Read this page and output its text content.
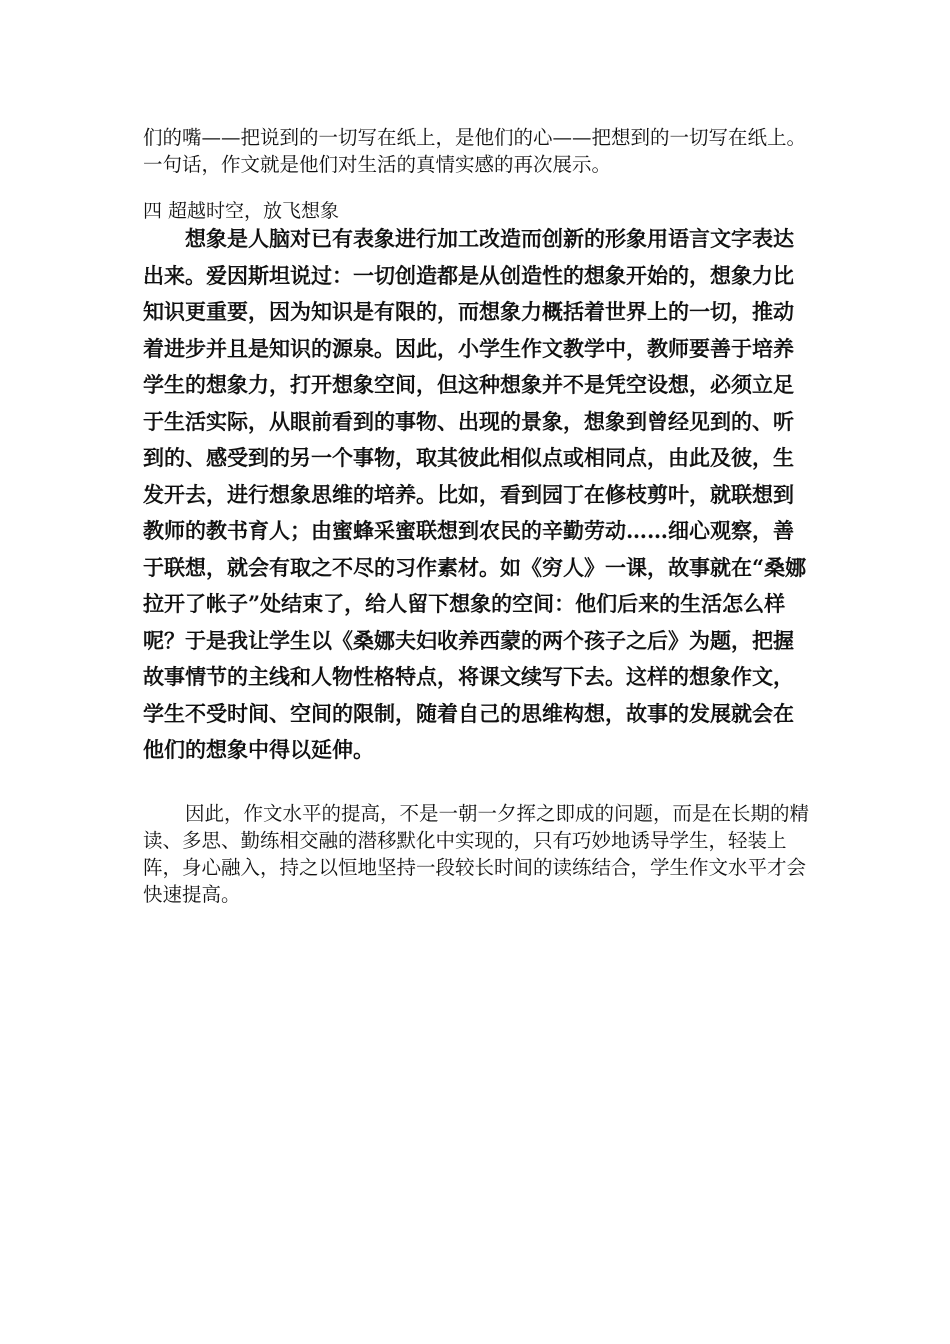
们的嘴——把说到的一切写在纸上，是他们的心——把想到的一切写在纸上。一句话，作文就是他们对生活的真情实感的再次展示。

四 超越时空，放飞想象

想象是人脑对已有表象进行加工改造而创新的形象用语言文字表达出来。爱因斯坦说过：一切创造都是从创造性的想象开始的，想象力比知识更重要，因为知识是有限的，而想象力概括着世界上的一切，推动着进步并且是知识的源泉。因此，小学生作文教学中，教师要善于培养学生的想象力，打开想象空间，但这种想象并不是凭空设想，必须立足于生活实际，从眼前看到的事物、出现的景象，想象到曾经见到的、听到的、感受到的另一个事物，取其彼此相似点或相同点，由此及彼，生发开去，进行想象思维的培养。比如，看到园丁在修枝剪叶，就联想到教师的教书育人；由蜜蜂采蜜联想到农民的辛勤劳动……细心观察，善于联想，就会有取之不尽的习作素材。如《穷人》一课，故事就在“桑娜拉开了帐子”处结束了，给人留下想象的空间：他们后来的生活怎么样呢？于是我让学生以《桑娜夫妇收养西蒙的两个孩子之后》为题，把握故事情节的主线和人物性格特点，将课文续写下去。这样的想象作文，学生不受时间、空间的限制，随着自己的思维构想，故事的发展就会在他们的想象中得以延伸。

因此，作文水平的提高，不是一朝一夕挥之即成的问题，而是在长期的精读、多思、勤练相交融的潜移默化中实现的，只有巧妙地诱导学生，轻装上阵，身心融入，持之以恒地坚持一段较长时间的读练结合，学生作文水平才会快速提高。
